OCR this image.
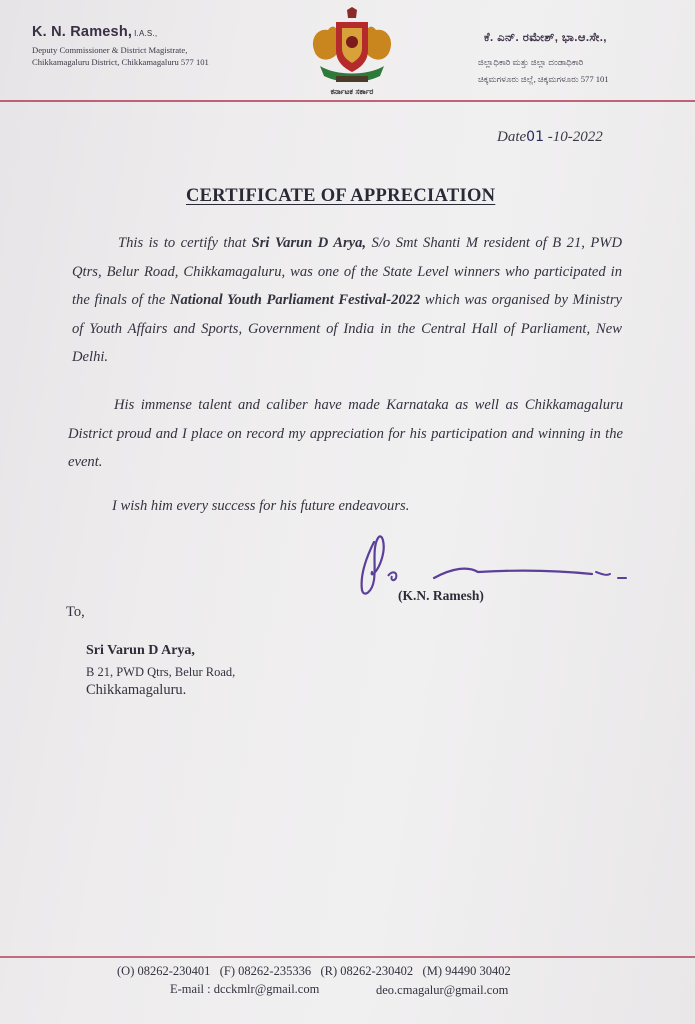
K. N. Ramesh, I.A.S.,
Deputy Commissioner & District Magistrate,
Chikkamagaluru District, Chikkamagaluru 577 101
ಕರ್ನಾಟಕ ಸರ್ಕಾರ
ಕೆ. ಎನ್. ರಮೇಶ್, ಭಾ.ಆ.ಸೇ.,
ಜಿಲ್ಲಾಧಿಕಾರಿ ಮತ್ತು ಜಿಲ್ಲಾ ದಂಡಾಧಿಕಾರಿ
ಚಿಕ್ಕಮಗಳೂರು ಜಿಲ್ಲೆ, ಚಿಕ್ಕಮಗಳೂರು 577 101
Date01 -10-2022
CERTIFICATE OF APPRECIATION
This is to certify that Sri Varun D Arya, S/o Smt Shanti M resident of B 21, PWD Qtrs, Belur Road, Chikkamagaluru, was one of the State Level winners who participated in the finals of the National Youth Parliament Festival-2022 which was organised by Ministry of Youth Affairs and Sports, Government of India in the Central Hall of Parliament, New Delhi.
His immense talent and caliber have made Karnataka as well as Chikkamagaluru District proud and I place on record my appreciation for his participation and winning in the event.
I wish him every success for his future endeavours.
(K.N. Ramesh)
To,
Sri Varun D Arya,
B 21, PWD Qtrs, Belur Road,
Chikkamagaluru.
(O) 08262-230401 (F) 08262-235336 (R) 08262-230402 (M) 94490 30402
E-mail : dcckmlr@gmail.com	deo.cmagalur@gmail.com
